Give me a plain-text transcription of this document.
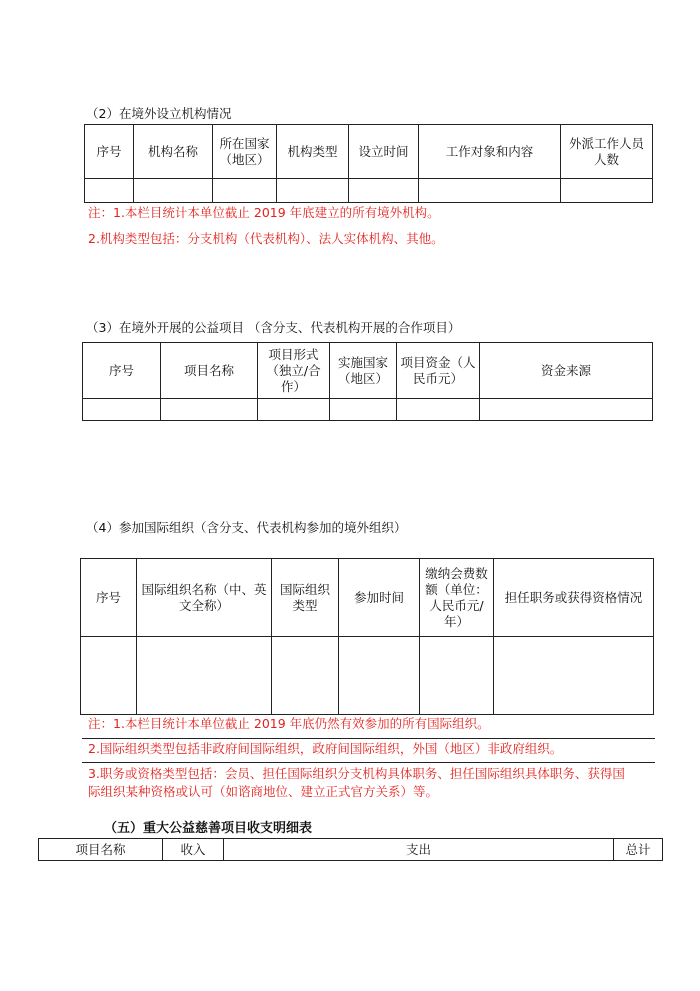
（2）在境外设立机构情况
序号	机构名称	所在国家（地区）	机构类型	设立时间	工作对象和内容	外派工作人员人数

注：1.本栏目统计本单位截止 2019 年底建立的所有境外机构。
2.机构类型包括：分支机构（代表机构）、法人实体机构、其他。
（3）在境外开展的公益项目 （含分支、代表机构开展的合作项目）
序号	项目名称	项目形式（独立/合作）	实施国家（地区）	项目资金（人民币元）	资金来源

（4）参加国际组织（含分支、代表机构参加的境外组织）
序号	国际组织名称（中、英文全称）	国际组织类型	参加时间	缴纳会费数额（单位：人民币元/年）	担任职务或获得资格情况

注：1.本栏目统计本单位截止 2019 年底仍然有效参加的所有国际组织。
2.国际组织类型包括非政府间国际组织，政府间国际组织，外国（地区）非政府组织。
3.职务或资格类型包括：会员、担任国际组织分支机构具体职务、担任国际组织具体职务、获得国
际组织某种资格或认可（如谘商地位、建立正式官方关系）等。
（五）重大公益慈善项目收支明细表
项目名称	收入	支出	总计
